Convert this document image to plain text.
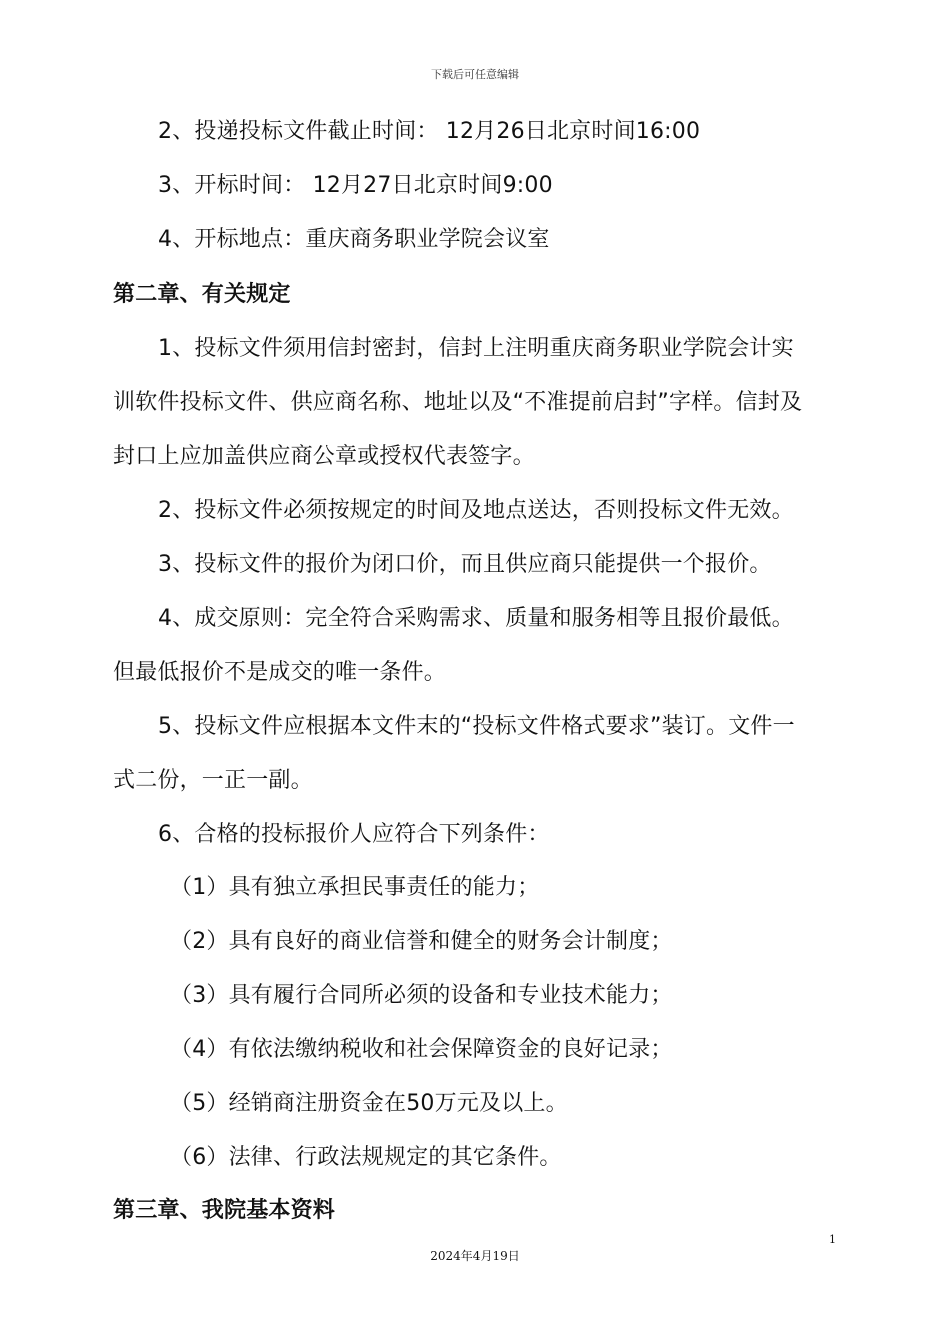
下载后可任意编辑
2、投递投标文件截止时间： 12月26日北京时间16:00
3、开标时间： 12月27日北京时间9:00
4、开标地点：重庆商务职业学院会议室
第二章、有关规定
1、投标文件须用信封密封，信封上注明重庆商务职业学院会计实
训软件投标文件、供应商名称、地址以及“不准提前启封”字样。信封及
封口上应加盖供应商公章或授权代表签字。
2、投标文件必须按规定的时间及地点送达，否则投标文件无效。
3、投标文件的报价为闭口价，而且供应商只能提供一个报价。
4、成交原则：完全符合采购需求、质量和服务相等且报价最低。
但最低报价不是成交的唯一条件。
5、投标文件应根据本文件末的“投标文件格式要求”装订。文件一
式二份，一正一副。
6、合格的投标报价人应符合下列条件：
（1）具有独立承担民事责任的能力；
（2）具有良好的商业信誉和健全的财务会计制度；
（3）具有履行合同所必须的设备和专业技术能力；
（4）有依法缴纳税收和社会保障资金的良好记录；
（5）经销商注册资金在50万元及以上。
（6）法律、行政法规规定的其它条件。
第三章、我院基本资料
1
2024年4月19日
